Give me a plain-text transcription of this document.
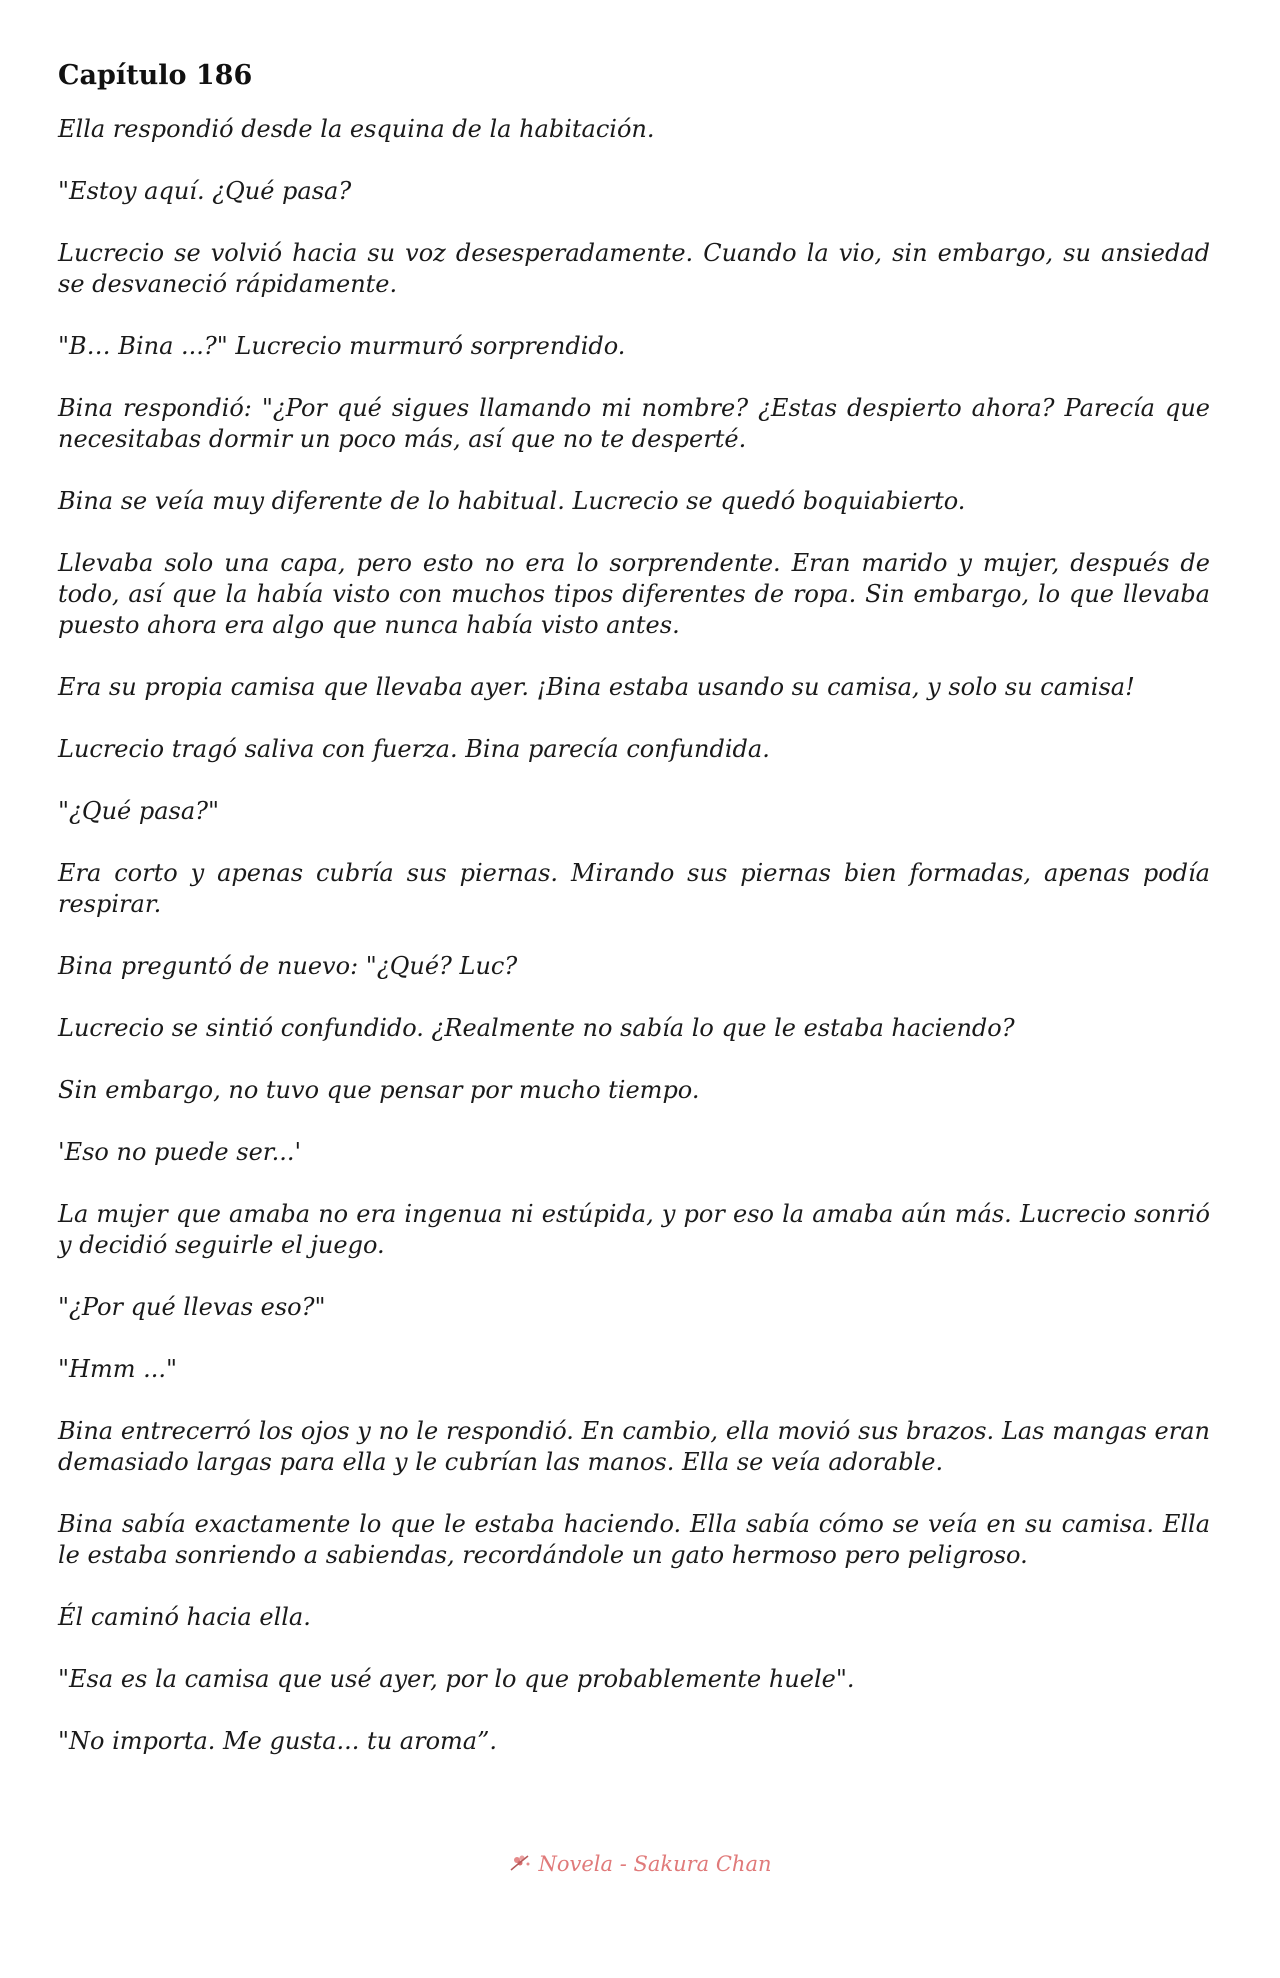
Capítulo 186

Ella respondió desde la esquina de la habitación.

"Estoy aquí. ¿Qué pasa?

Lucrecio se volvió hacia su voz desesperadamente. Cuando la vio, sin embargo, su ansiedad se desvaneció rápidamente.

"B… Bina ...?" Lucrecio murmuró sorprendido.

Bina respondió: "¿Por qué sigues llamando mi nombre? ¿Estas despierto ahora? Parecía que necesitabas dormir un poco más, así que no te desperté.

Bina se veía muy diferente de lo habitual. Lucrecio se quedó boquiabierto.

Llevaba solo una capa, pero esto no era lo sorprendente. Eran marido y mujer, después de todo, así que la había visto con muchos tipos diferentes de ropa. Sin embargo, lo que llevaba puesto ahora era algo que nunca había visto antes.

Era su propia camisa que llevaba ayer. ¡Bina estaba usando su camisa, y solo su camisa!

Lucrecio tragó saliva con fuerza. Bina parecía confundida.

"¿Qué pasa?"

Era corto y apenas cubría sus piernas. Mirando sus piernas bien formadas, apenas podía respirar.

Bina preguntó de nuevo: "¿Qué? Luc?

Lucrecio se sintió confundido. ¿Realmente no sabía lo que le estaba haciendo?

Sin embargo, no tuvo que pensar por mucho tiempo.

'Eso no puede ser...'

La mujer que amaba no era ingenua ni estúpida, y por eso la amaba aún más. Lucrecio sonrió y decidió seguirle el juego.

"¿Por qué llevas eso?"

"Hmm ..."

Bina entrecerró los ojos y no le respondió. En cambio, ella movió sus brazos. Las mangas eran demasiado largas para ella y le cubrían las manos. Ella se veía adorable.

Bina sabía exactamente lo que le estaba haciendo. Ella sabía cómo se veía en su camisa. Ella le estaba sonriendo a sabiendas, recordándole un gato hermoso pero peligroso.

Él caminó hacia ella.

"Esa es la camisa que usé ayer, por lo que probablemente huele".

"No importa. Me gusta... tu aroma”.

Novela - Sakura Chan
